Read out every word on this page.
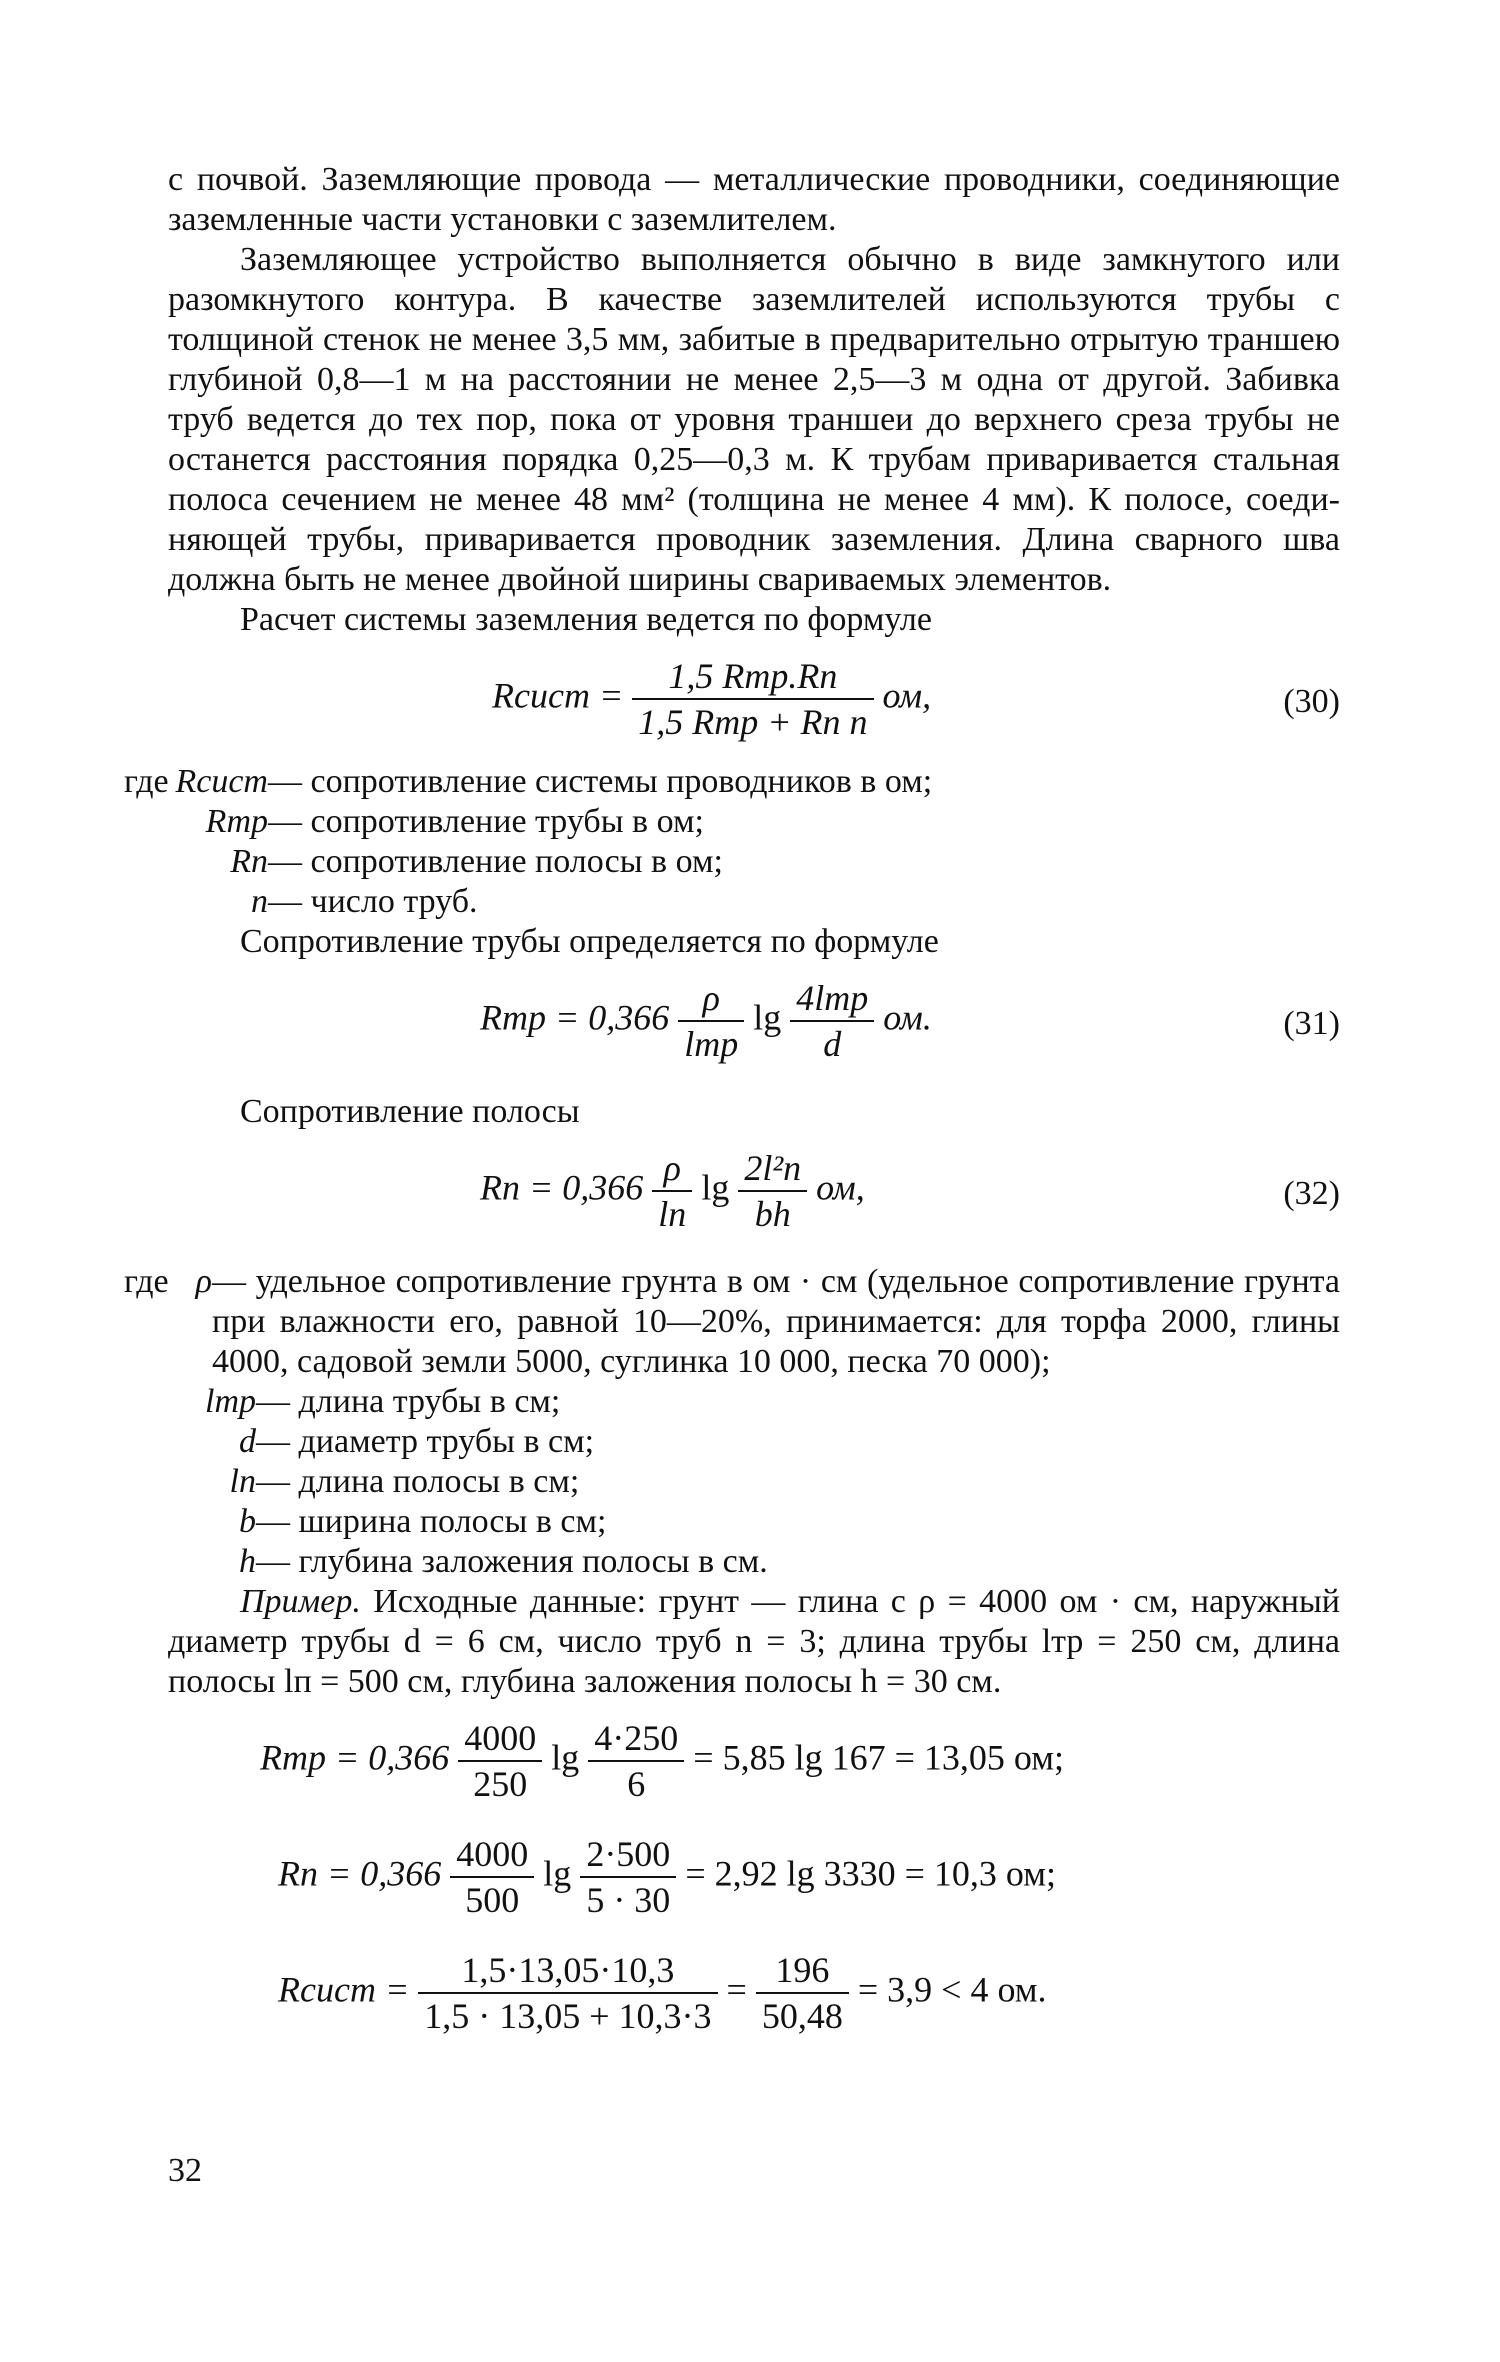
с почвой. Заземляющие провода — металлические проводники, соединяющие заземленные части установки с заземлителем.

Заземляющее устройство выполняется обычно в виде замкнутого или разомкнутого контура. В качестве заземлителей используются трубы с толщиной стенок не менее 3,5 мм, забитые в предварительно отрытую траншею глубиной 0,8—1 м на расстоянии не менее 2,5—3 м одна от другой. Забивка труб ведется до тех пор, пока от уровня траншеи до верхнего среза трубы не останется расстояния порядка 0,25—0,3 м. К трубам приваривается стальная полоса сечением не менее 48 мм² (толщина не менее 4 мм). К полосе, соединяющей трубы, приваривается проводник заземления. Длина сварного шва должна быть не менее двойной ширины свариваемых элементов.

Расчет системы заземления ведется по формуле

Rсист = $\frac{\text{1,5 Rтр.Rп}}{\text{1,5 Rтр + Rп n}}$ ом,	(30)
где Rсист — сопротивление системы проводников в ом;
Rтр — сопротивление трубы в ом;
Rп — сопротивление полосы в ом;
n — число труб.

Сопротивление трубы определяется по формуле

Rтр = $0,366 \frac{\rho}{\text{lтр}}$ $\lg \frac{\text{4lтр}}{d}$ ом.	(31)

Сопротивление полосы

Rп = $0,366 \frac{\rho}{lп}$ $\lg \frac{\text{2l²п}}{bh}$ ом,	(32)
где ρ — удельное сопротивление грунта в ом · см (удельное сопротивление грунта при влажности его, равной 10—20%, принимается: для торфа 2000, глины 4000, садовой земли 5000, суглинка 10 000, песка 70 000);
lтр — длина трубы в см;
d — диаметр трубы в см;
lп — длина полосы в см;
b — ширина полосы в см;
h — глубина заложения полосы в см.

Пример. Исходные данные: грунт — глина с ρ = 4000 ом · см, наружный диаметр трубы d = 6 см, число труб n = 3; длина трубы lтр = 250 см, длина полосы lп = 500 см, глубина заложения полосы h = 30 см.

Rтр = $0,366 \frac{4000}{250}$ $\lg \frac{4\cdot 250}{6} = 5,85$ lg 167 = 13,05 ом;
Rп = $0,366 \frac{4000}{500}$ $\lg \frac{2\cdot 500}{5 \cdot 30} = 2,92$ lg 3330 = 10,3 ом;
Rсист = $\frac{1,5\cdot 13,05\cdot 10,3}{1,5 \cdot 13,05 + 10,3\cdot 3} = \frac{196}{50,48} = 3,9 < 4$ ом.
32
